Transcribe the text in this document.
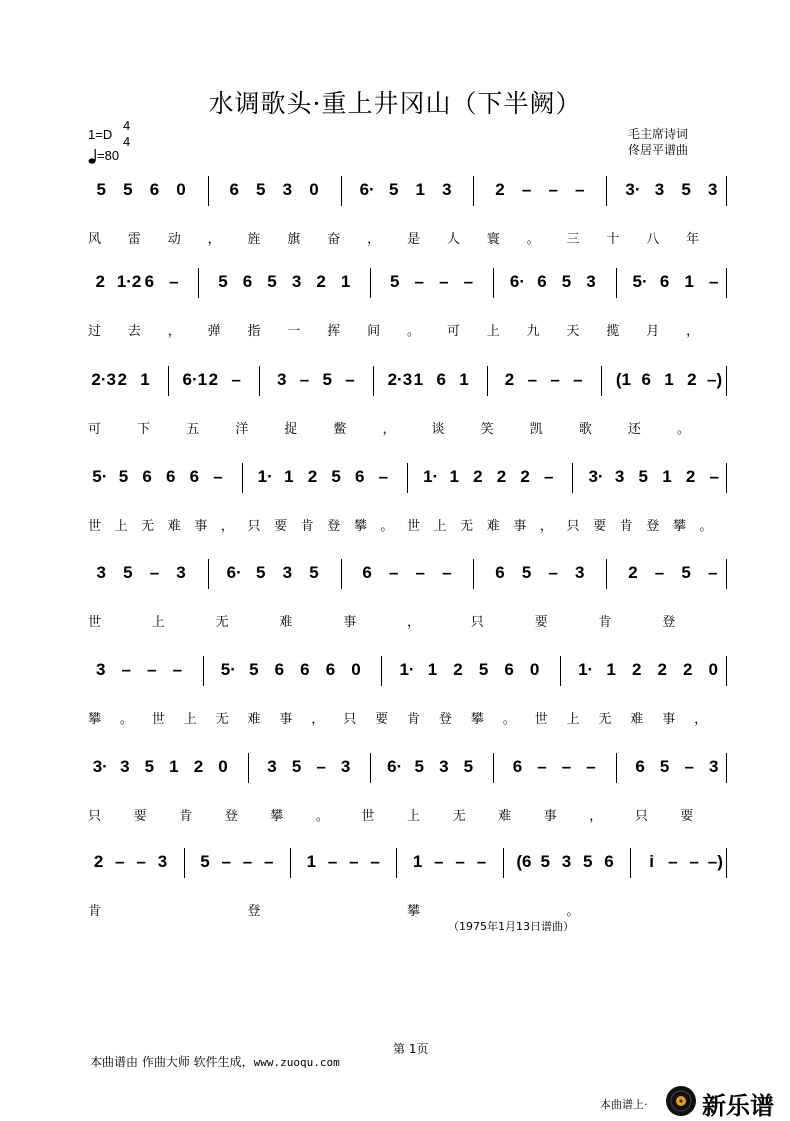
水调歌头·重上井冈山（下半阙）
1=D
4
4
=80
毛主席诗词
佟居平谱曲
5 5 6 0	6 5 3 0 6· 5 1 3	2 – – – 3· 3 5 3
风 雷 动 ， 旌 旗 奋 ， 是 人 寰 。 三 十 八 年
2 1·2 6 – 5 6 5 3 2 1 5 – – – 6· 6 5 3 5· 6 1 –
过 去 ， 弹 指 一 挥 间 。 可 上 九 天 揽 月 ，
2·3 2 1 6·1 2 – 3 – 5 – 2·3 1 6 1 2 – – – (1 6 1 2 –)
可	下	五	洋	捉	鳖	，	谈	笑	凯	歌	还	。
5· 5 6 6 6 – 1· 1 2 5 6 – 1· 1 2 2 2 – 3· 3 5 1 2 –
世 上 无 难 事 ， 只 要 肯 登 攀 。 世 上 无 难 事 ， 只 要 肯 登 攀 。
3 5 – 3 6· 5 3 5	6 – – –	6 5 – 3	2 – 5 –
世	上	无	难	事	，	只	要	肯	登
3 – – – 5· 5 6 6 6 0 1· 1 2 5 6 0 1· 1 2 2 2 0
攀 。 世 上 无 难 事 ， 只 要 肯 登 攀 。 世 上 无 难 事 ，
3· 3 5 1 2 0 3 5 – 3 6· 5 3 5 6 – – – 6 5 – 3
只	要	肯	登	攀	。	世	上	无	难	事	，	只	要
2 – – 3 5 – – – 1 – – – 1 – – – (6 5 3 5 6	i – – –)
肯	登	攀	。
（1975年1月13日谱曲）
第 1页
本曲谱由 作曲大师 软件生成，www.zuoqu.com
本曲谱上· 新乐谱
